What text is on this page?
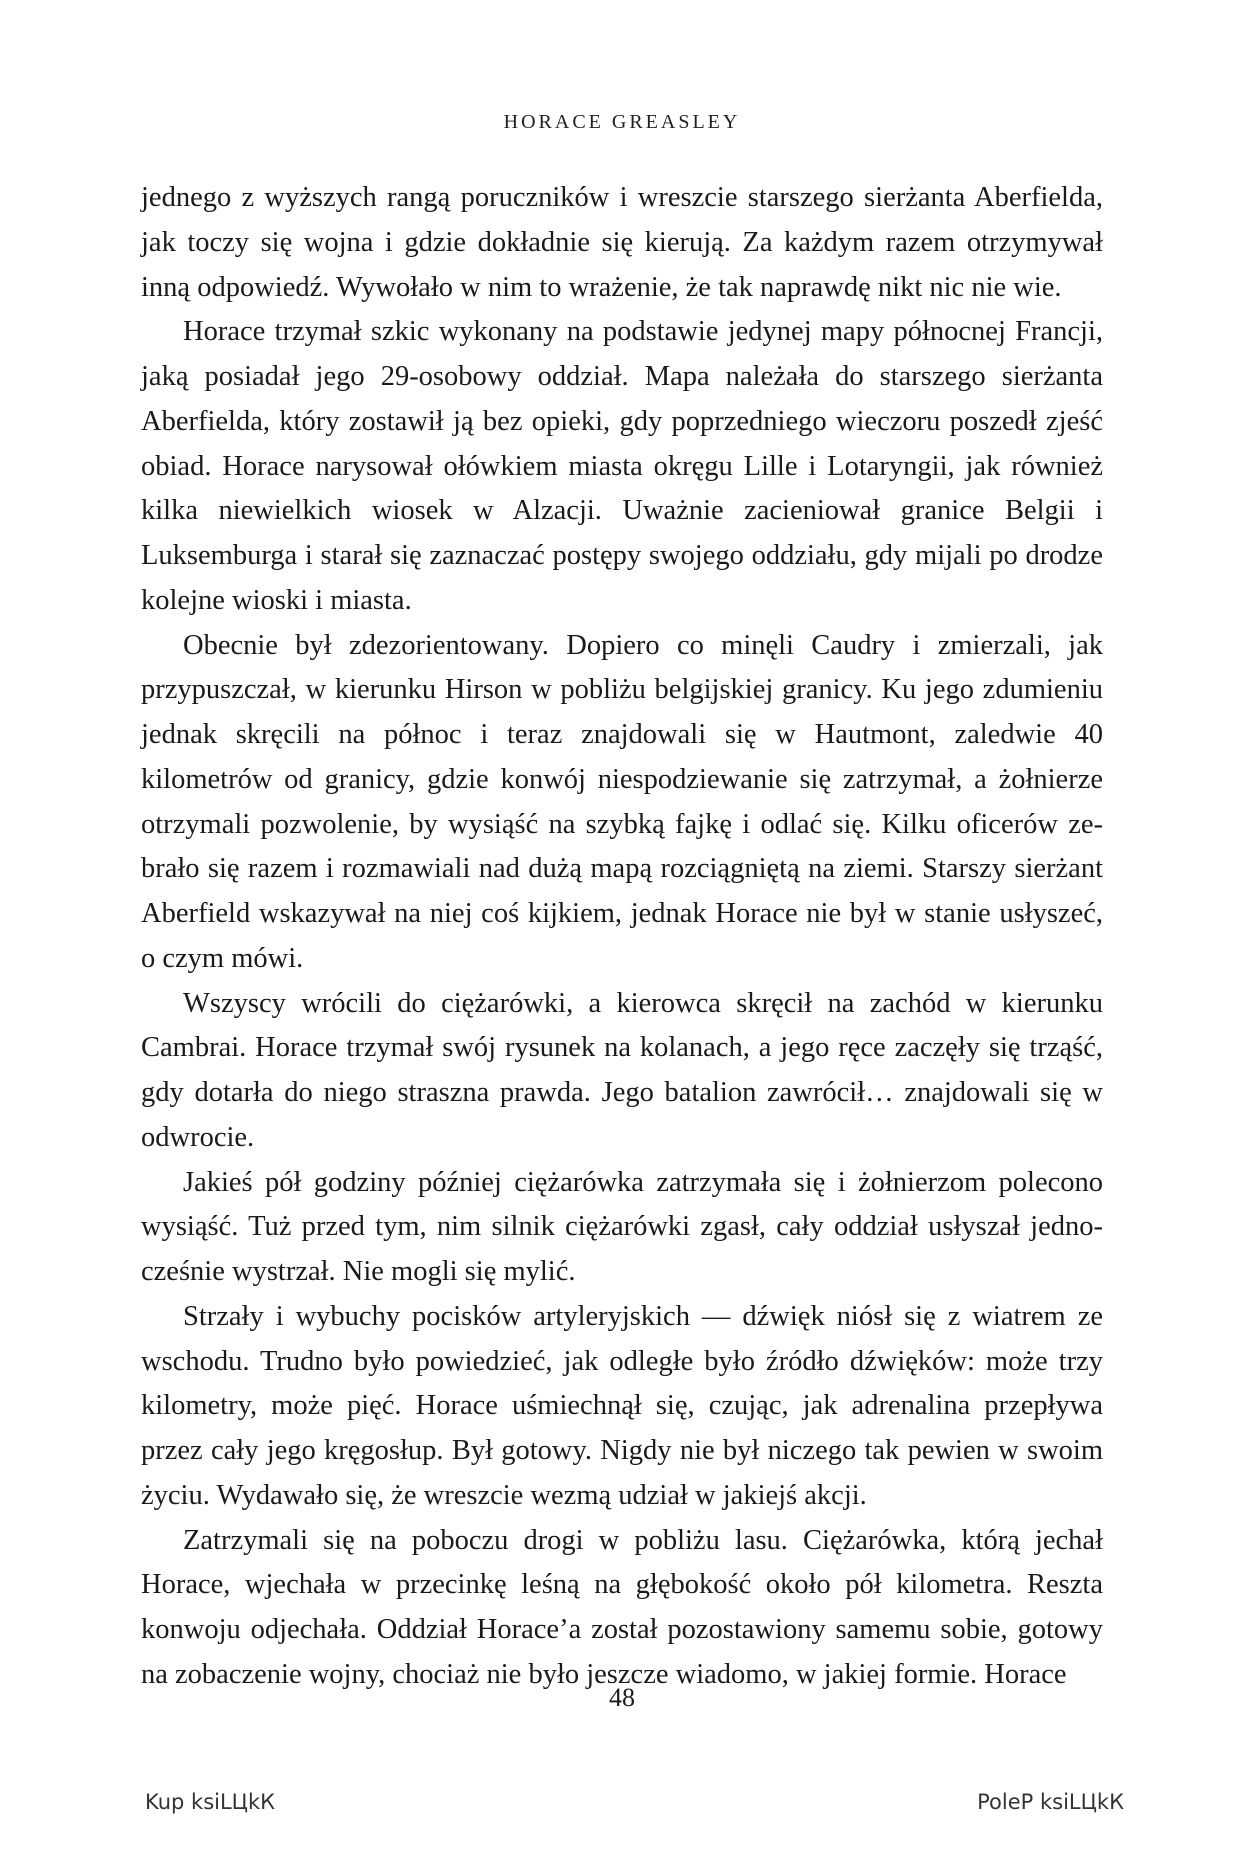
HORACE GREASLEY

jednego z wyższych rangą poruczników i wreszcie starszego sierżanta Aberfielda, jak toczy się wojna i gdzie dokładnie się kierują. Za każdym razem otrzymywał inną odpowiedź. Wywołało w nim to wrażenie, że tak naprawdę nikt nic nie wie.

Horace trzymał szkic wykonany na podstawie jedynej mapy północnej Francji, jaką posiadał jego 29-osobowy oddział. Mapa należała do starszego sierżanta Aberfielda, który zostawił ją bez opieki, gdy poprzedniego wieczoru poszedł zjeść obiad. Horace narysował ołówkiem miasta okręgu Lille i Lotaryngii, jak również kilka niewielkich wiosek w Alzacji. Uważnie zacieniował granice Belgii i Luksemburga i starał się zaznaczać postępy swojego oddziału, gdy mijali po drodze kolejne wioski i miasta.

Obecnie był zdezorientowany. Dopiero co minęli Caudry i zmierzali, jak przypuszczał, w kierunku Hirson w pobliżu belgijskiej granicy. Ku jego zdumieniu jednak skręcili na północ i teraz znajdowali się w Hautmont, zaledwie 40 kilometrów od granicy, gdzie konwój niespodziewanie się zatrzymał, a żołnierze otrzymali pozwolenie, by wysiąść na szybką fajkę i odlać się. Kilku oficerów zebrało się razem i rozmawiali nad dużą mapą rozciągniętą na ziemi. Starszy sierżant Aberfield wskazywał na niej coś kijkiem, jednak Horace nie był w stanie usłyszeć, o czym mówi.

Wszyscy wrócili do ciężarówki, a kierowca skręcił na zachód w kierunku Cambrai. Horace trzymał swój rysunek na kolanach, a jego ręce zaczęły się trząść, gdy dotarła do niego straszna prawda. Jego batalion zawrócił… znajdowali się w odwrocie.

Jakieś pół godziny później ciężarówka zatrzymała się i żołnierzom polecono wysiąść. Tuż przed tym, nim silnik ciężarówki zgasł, cały oddział usłyszał jednocześnie wystrzał. Nie mogli się mylić.

Strzały i wybuchy pocisków artyleryjskich — dźwięk niósł się z wiatrem ze wschodu. Trudno było powiedzieć, jak odległe było źródło dźwięków: może trzy kilometry, może pięć. Horace uśmiechnął się, czując, jak adrenalina przepływa przez cały jego kręgosłup. Był gotowy. Nigdy nie był niczego tak pewien w swoim życiu. Wydawało się, że wreszcie wezmą udział w jakiejś akcji.

Zatrzymali się na poboczu drogi w pobliżu lasu. Ciężarówka, którą jechał Horace, wjechała w przecinkę leśną na głębokość około pół kilometra. Reszta konwoju odjechała. Oddział Horace’a został pozostawiony samemu sobie, gotowy na zobaczenie wojny, chociaż nie było jeszcze wiadomo, w jakiej formie. Horace

48
Kup ksiLЦkК	PoleР ksiLЦkК
